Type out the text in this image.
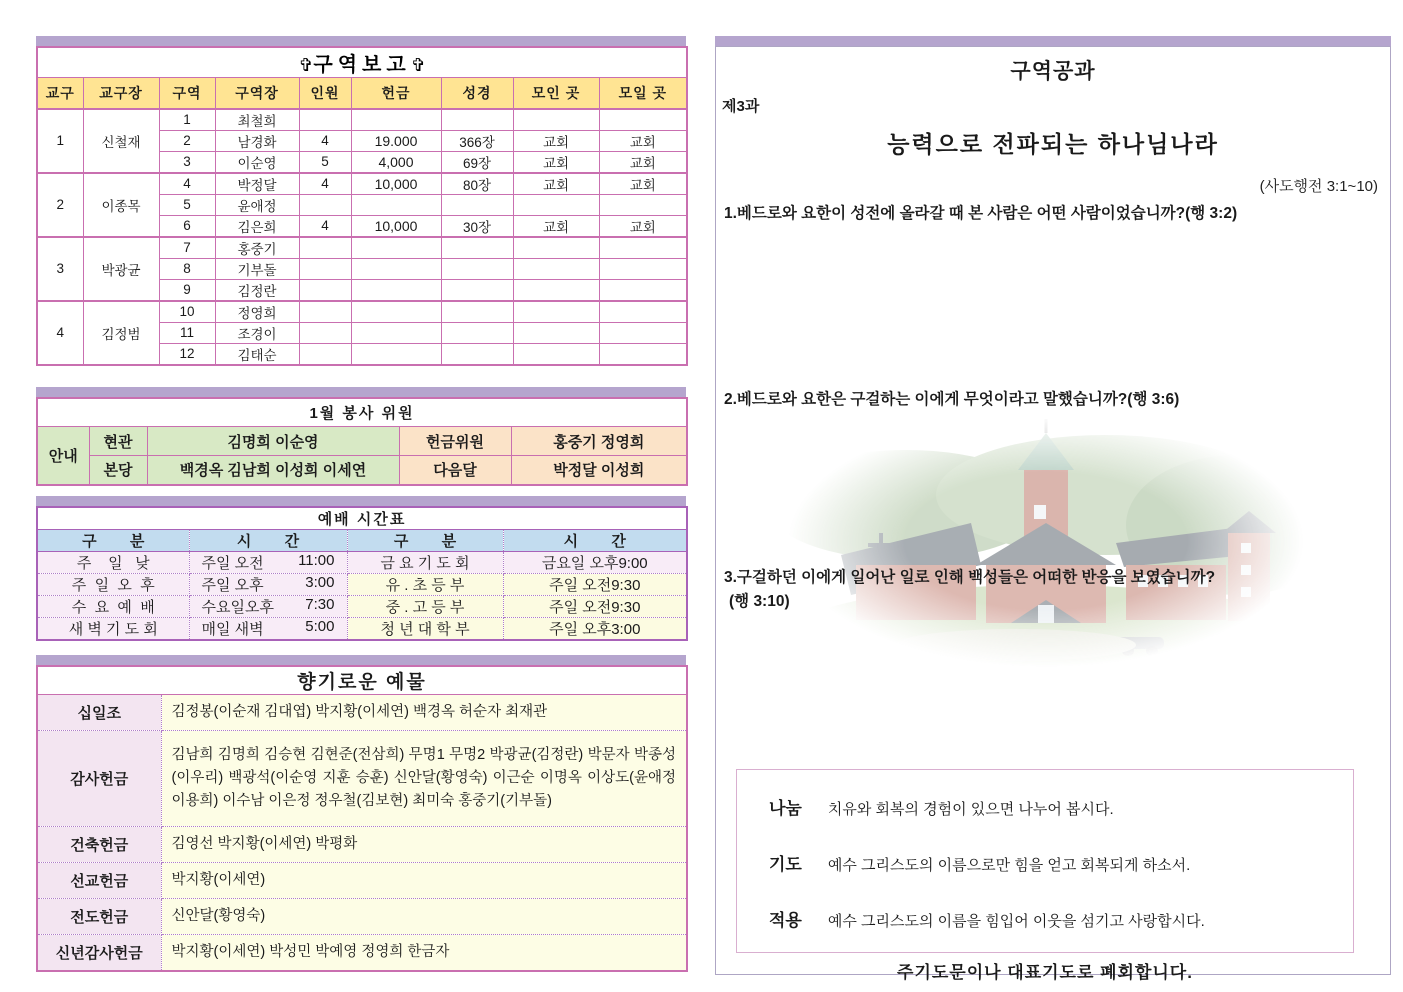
✞구역보고✞								
교구	교구장	구역	구역장	인원	헌금	성경	모인 곳	모일 곳
1	신철재	1	최철희					
		2	남경화	4	19.000	366장	교회	교회
		3	이순영	5	4,000	69장	교회	교회
2	이종목	4	박정달	4	10,000	80장	교회	교회
		5	윤애정					
		6	김은희	4	10,000	30장	교회	교회
3	박광균	7	홍중기					
		8	기부돌					
		9	김정란					
4	김정범	10	정영희					
		11	조경이					
		12	김태순					
1월 봉사 위원				
안내	현관	김명희 이순영	헌금위원	홍중기 정영희
	본당	백경옥 김남희 이성희 이세연	다음달	박정달 이성희
예배 시간표			
구        분	시        간	구        분	시        간
주    일   낮	주일 오전 11:00	금 요 기 도 회	금요일 오후9:00

주  일  오  후	주일 오후 3:00	유 . 초 등 부	주일 오전9:30

수  요  예  배	수요일오후 7:30	중 . 고 등 부	주일 오전9:30

새 벽 기 도 회	매일 새벽 5:00	청 년 대 학 부	주일 오후3:00
향기로운 예물	
십일조	김정봉(이순재 김대엽) 박지황(이세연) 백경옥 허순자 최재관
감사헌금	김남희 김명희 김승현 김현준(전삼희) 무명1 무명2 박광균(김정란) 박문자 박종성(이우리) 백광석(이순영 지훈 승훈) 신안달(황영숙) 이근순 이명옥 이상도(윤애정 이용희) 이수남 이은정 정우철(김보현) 최미숙 홍중기(기부돌)
건축헌금	김영선 박지황(이세연) 박평화
선교헌금	박지황(이세연)
전도헌금	신안달(황영숙)
신년감사헌금	박지황(이세연) 박성민 박예영 정영희 한금자
구역공과
제3과
능력으로 전파되는 하나님나라
(사도행전 3:1~10)
1.베드로와 요한이 성전에 올라갈 때 본 사람은 어떤 사람이었습니까?(행 3:2)
2.베드로와 요한은 구걸하는 이에게 무엇이라고 말했습니까?(행 3:6)
3.구걸하던 이에게 일어난 일로 인해 백성들은 어떠한 반응을 보였습니까?
(행 3:10)
나눔 치유와 회복의 경험이 있으면 나누어 봅시다.
기도 예수 그리스도의 이름으로만 힘을 얻고 회복되게 하소서.
적용 예수 그리스도의 이름을 힘입어 이웃을 섬기고 사랑합시다.
주기도문이나 대표기도로 폐회합니다.
